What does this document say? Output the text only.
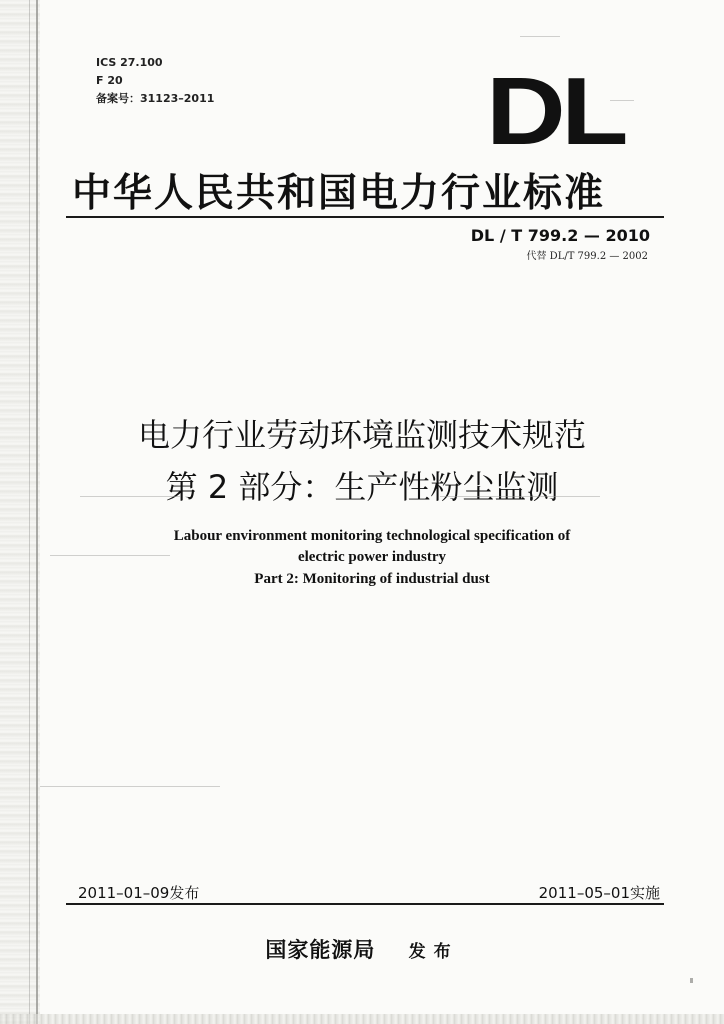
ICS 27.100
F 20
备案号：31123–2011	DL
中华人民共和国电力行业标准
DL / T 799.2 — 2010
代替 DL/T 799.2 — 2002
电力行业劳动环境监测技术规范
第 2 部分：生产性粉尘监测
Labour environment monitoring technological specification of
electric power industry
Part 2: Monitoring of industrial dust
2011–01–09发布	2011–05–01实施
国家能源局 发布
